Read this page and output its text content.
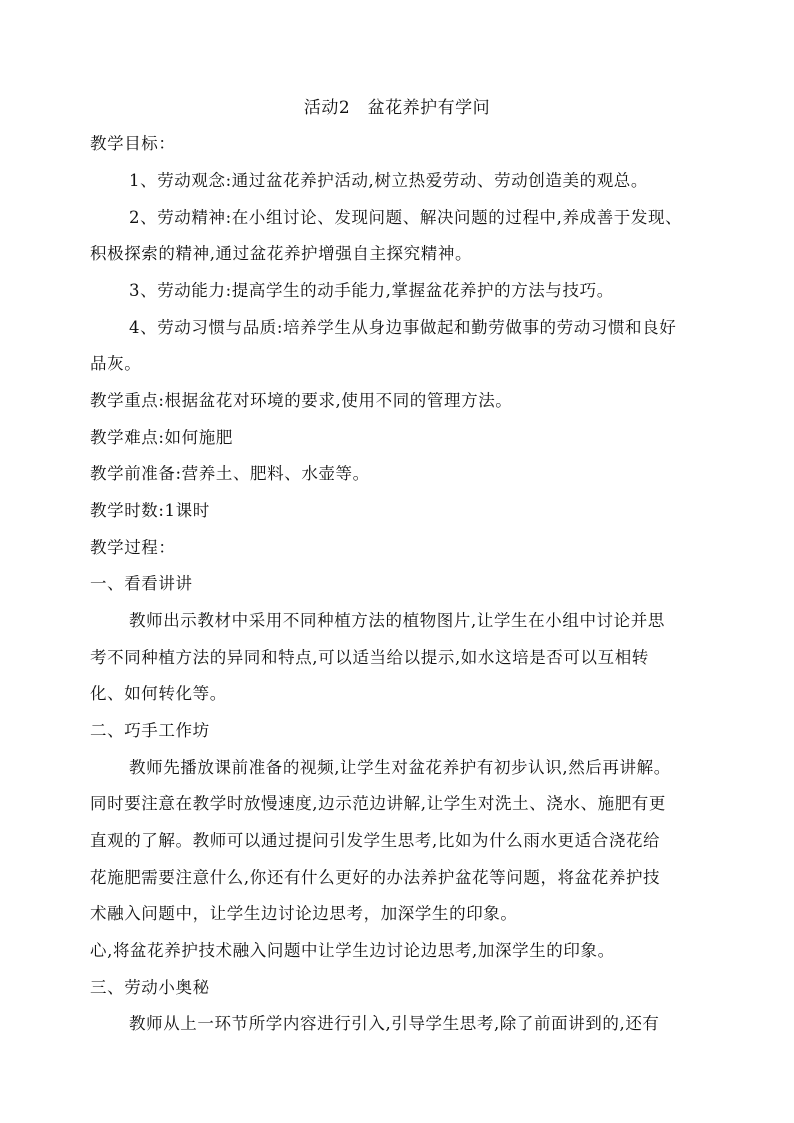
活动2　盆花养护有学问
教学目标：
1、劳动观念:通过盆花养护活动,树立热爱劳动、劳动创造美的观总。
2、劳动精神:在小组讨论、发现问题、解决问题的过程中,养成善于发现、
积极探索的精神,通过盆花养护增强自主探究精神。
3、劳动能力:提高学生的动手能力,掌握盆花养护的方法与技巧。
4、劳动习惯与品质:培养学生从身边事做起和勤劳做事的劳动习惯和良好
品灰。
教学重点:根据盆花对环境的要求,使用不同的管理方法。
教学难点:如何施肥
教学前准备:营养土、肥料、水壶等。
教学时数:1课时
教学过程：
一、看看讲讲
教师出示教材中采用不同种植方法的植物图片,让学生在小组中讨论并思
考不同种植方法的异同和特点,可以适当给以提示,如水这培是否可以互相转
化、如何转化等。
二、巧手工作坊
教师先播放课前准备的视频,让学生对盆花养护有初步认识,然后再讲解。
同时要注意在教学时放慢速度,边示范边讲解,让学生对洗土、浇水、施肥有更
直观的了解。教师可以通过提问引发学生思考,比如为什么雨水更适合浇花给
花施肥需要注意什么,你还有什么更好的办法养护盆花等问题，将盆花养护技
术融入问题中，让学生边讨论边思考，加深学生的印象。
心,将盆花养护技术融入问题中让学生边讨论边思考,加深学生的印象。
三、劳动小奥秘
教师从上一环节所学内容进行引入,引导学生思考,除了前面讲到的,还有
